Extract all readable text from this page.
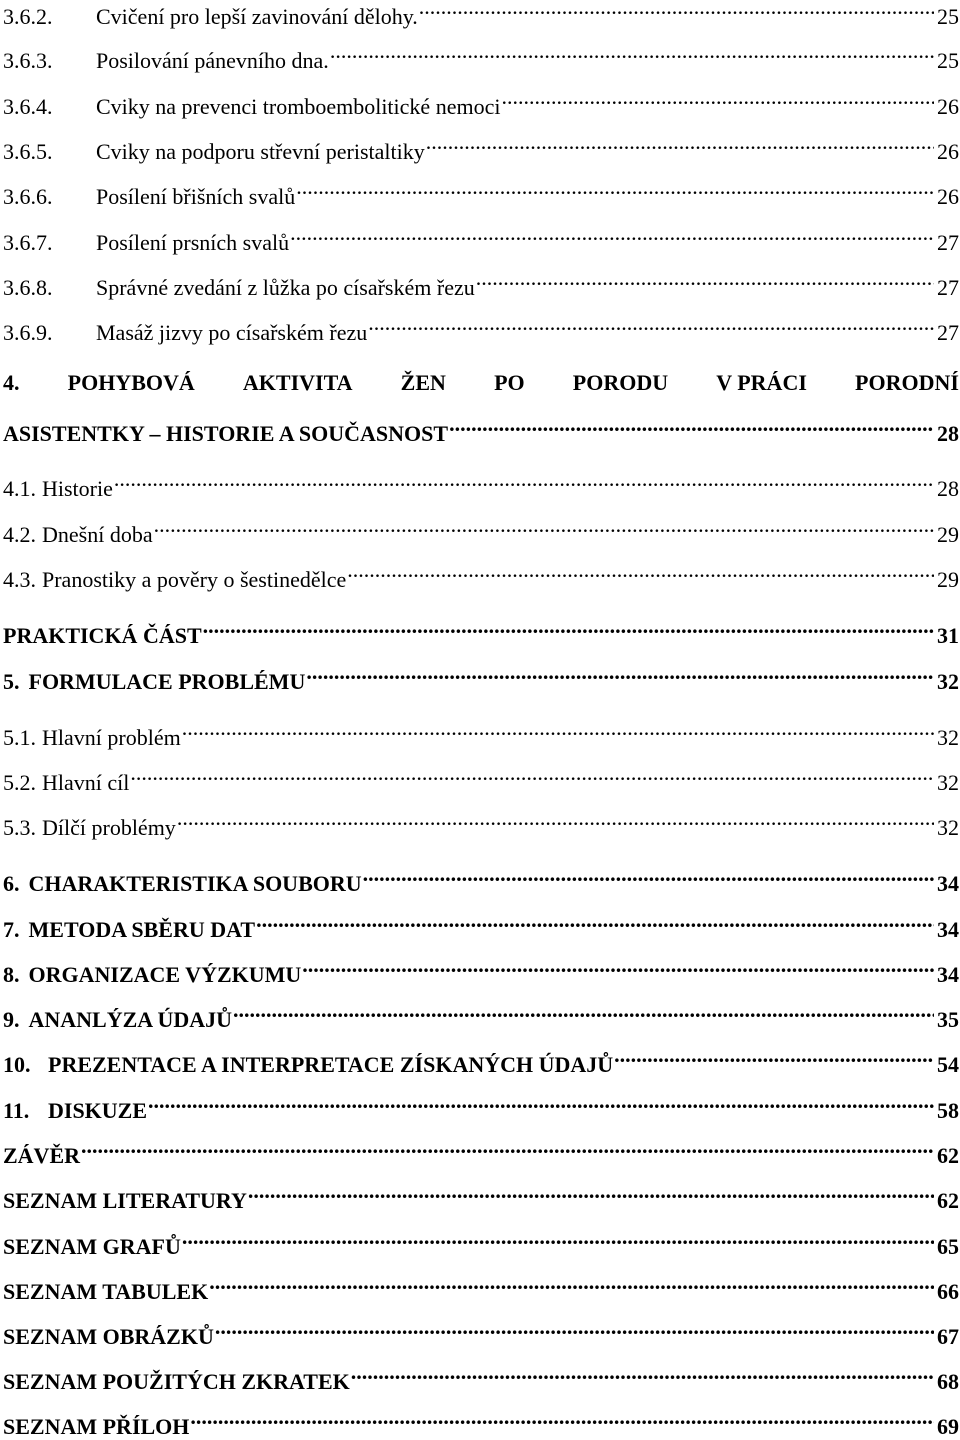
3.6.2.	Cvičení pro lepší zavinování dělohy. .....	25
3.6.3.	Posilování pánevního dna. .....	25
3.6.4.	Cviky na prevenci tromboembolitické nemoci .....	26
3.6.5.	Cviky na podporu střevní peristaltiky .....	26
3.6.6.	Posílení břišních svalů .....	26
3.6.7.	Posílení prsních svalů .....	27
3.6.8.	Správné zvedání z lůžka po císařském řezu .....	27
3.6.9.	Masáž jizvy po císařském řezu .....	27
4. POHYBOVÁ AKTIVITA ŽEN PO PORODU V PRÁCI PORODNÍ
ASISTENTKY – HISTORIE A SOUČASNOST .....	28
4.1. Historie .....	28
4.2. Dnešní doba .....	29
4.3. Pranostiky a pověry o šestinedělce .....	29
PRAKTICKÁ ČÁST .....	31
5. FORMULACE PROBLÉMU .....	32
5.1. Hlavní problém .....	32
5.2. Hlavní cíl .....	32
5.3. Dílčí problémy .....	32
6. CHARAKTERISTIKA SOUBORU .....	34
7. METODA SBĚRU DAT .....	34
8. ORGANIZACE VÝZKUMU .....	34
9. ANANLÝZA ÚDAJŮ .....	35
10. PREZENTACE A INTERPRETACE ZÍSKANÝCH ÚDAJŮ .....	54
11. DISKUZE .....	58
ZÁVĚR .....	62
SEZNAM LITERATURY .....	62
SEZNAM GRAFŮ .....	65
SEZNAM TABULEK .....	66
SEZNAM OBRÁZKŮ .....	67
SEZNAM POUŽITÝCH ZKRATEK .....	68
SEZNAM PŘÍLOH .....	69
